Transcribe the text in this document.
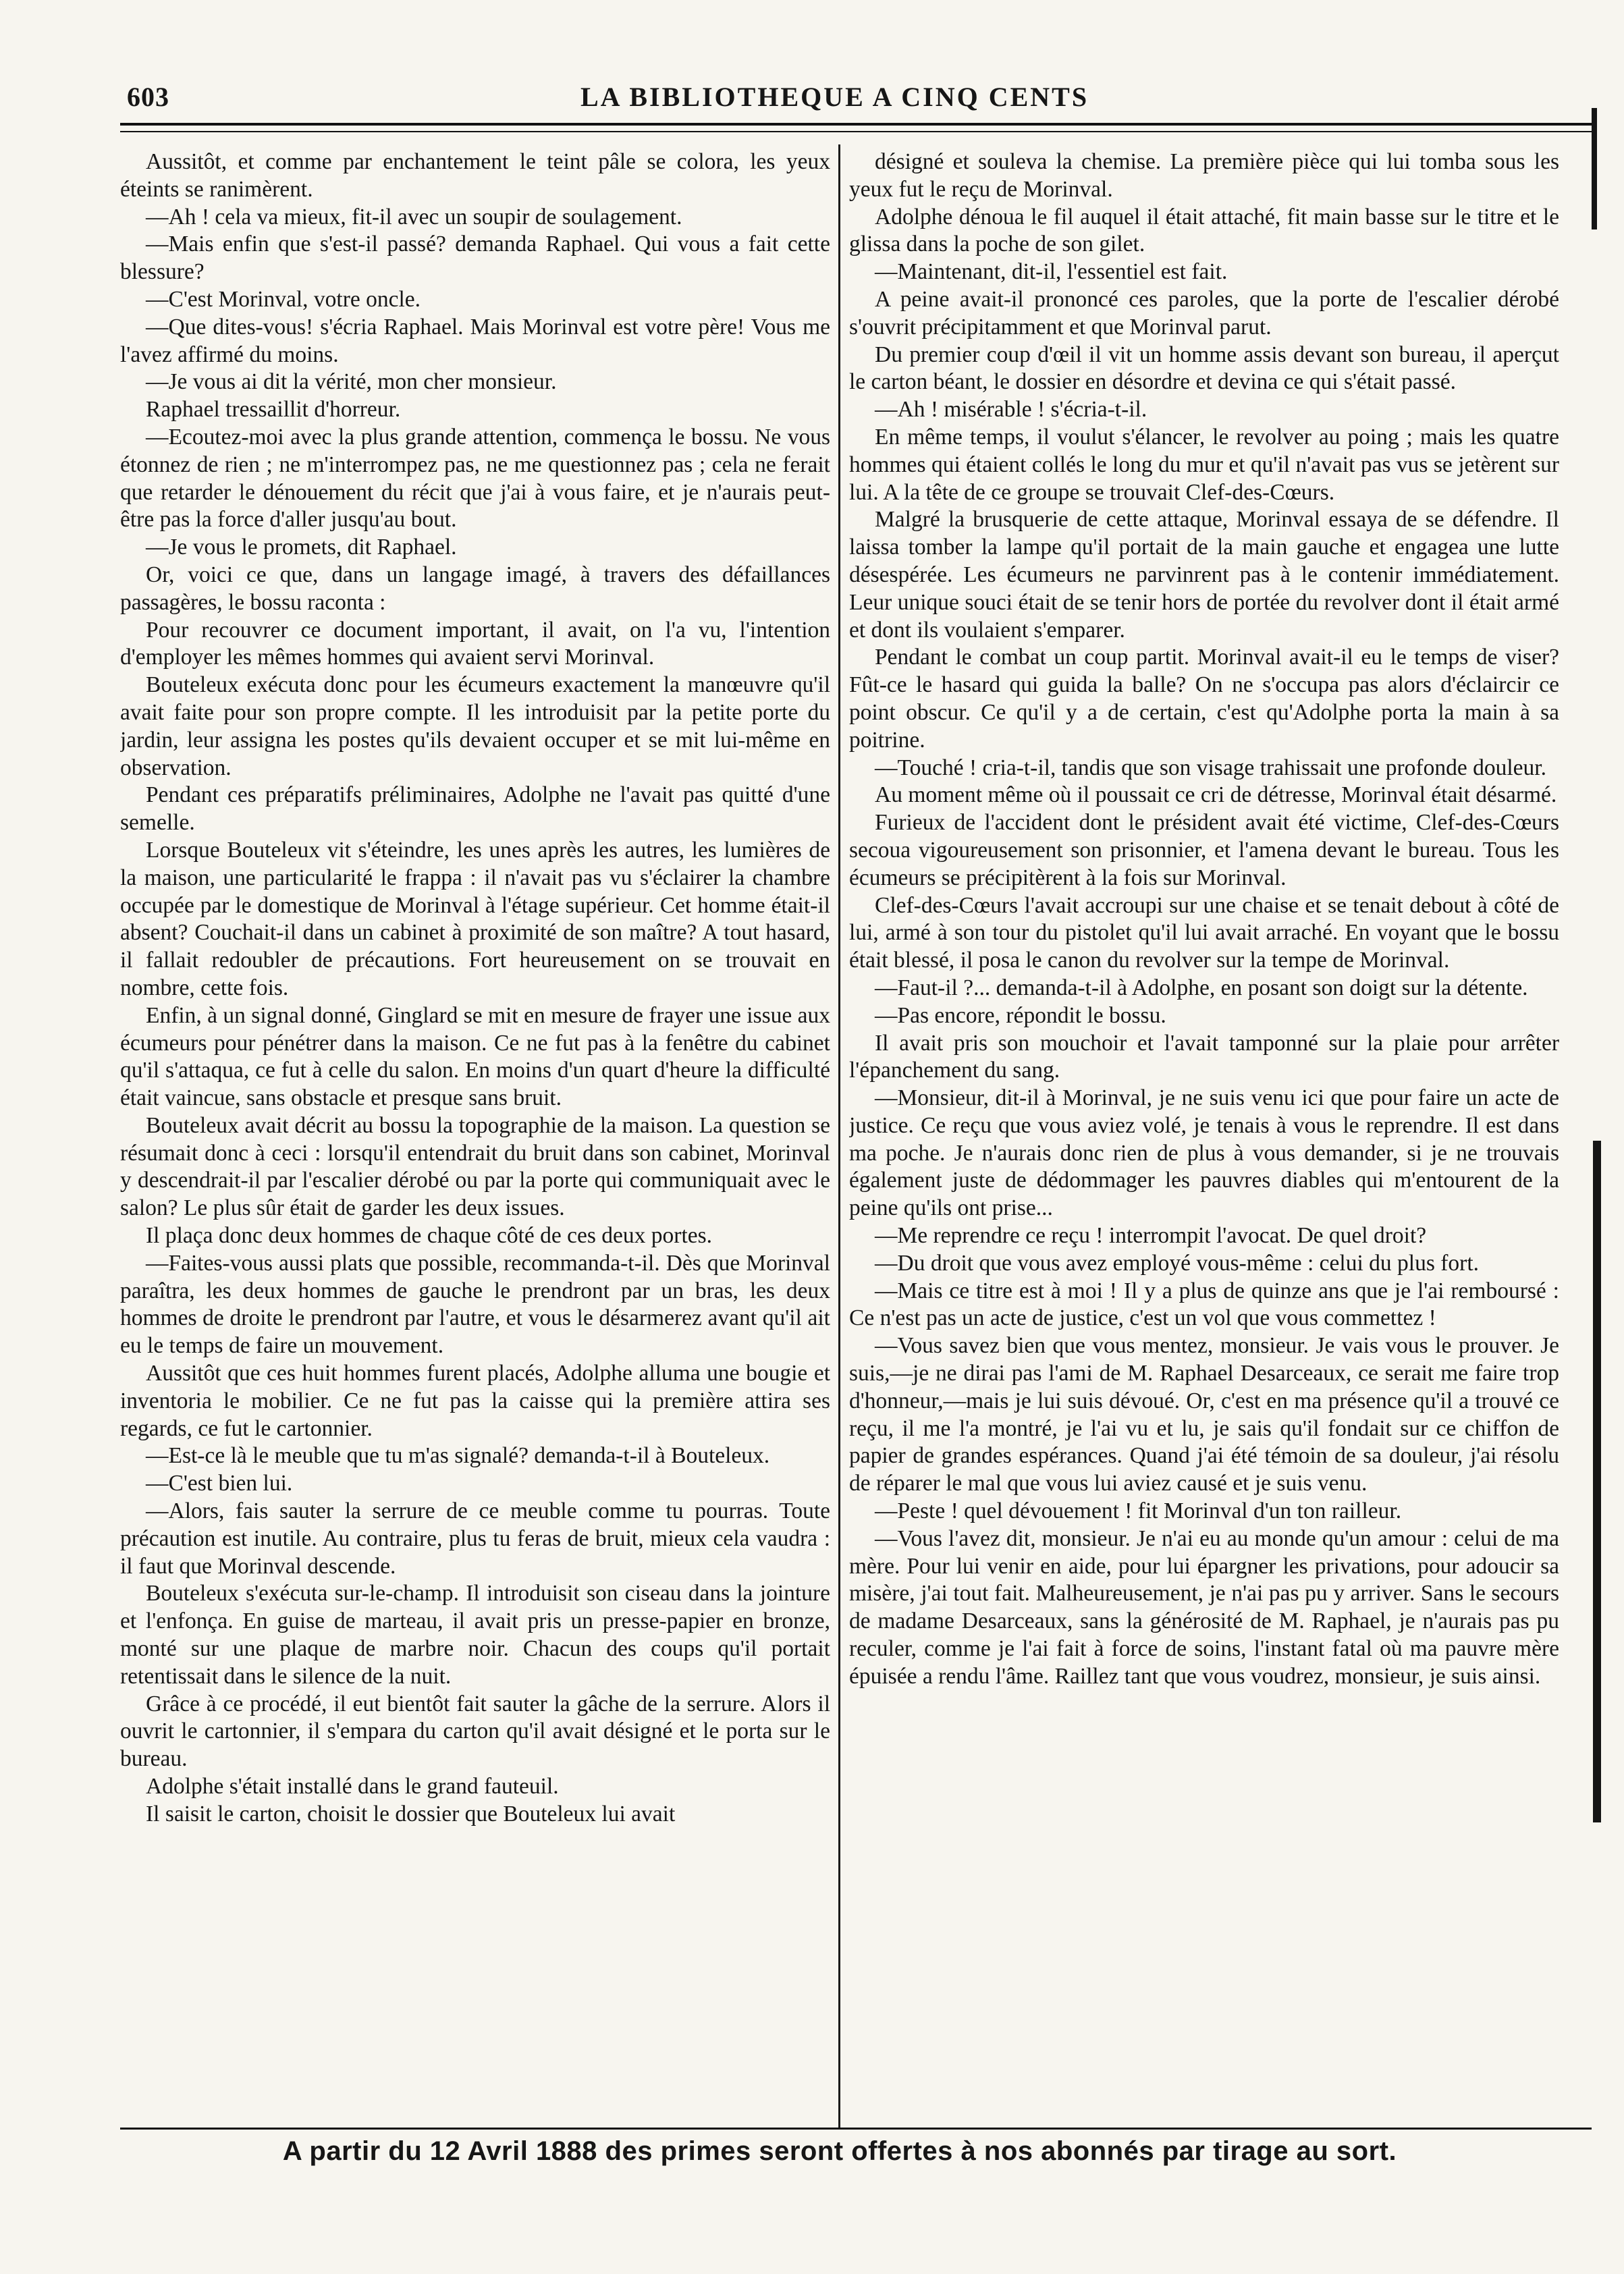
603	LA BIBLIOTHEQUE A CINQ CENTS

Aussitôt, et comme par enchantement le teint pâle se colora, les yeux éteints se ranimèrent.

—Ah ! cela va mieux, fit-il avec un soupir de soulagement.

—Mais enfin que s'est-il passé? demanda Raphael. Qui vous a fait cette blessure?

—C'est Morinval, votre oncle.

—Que dites-vous! s'écria Raphael. Mais Morinval est votre père! Vous me l'avez affirmé du moins.

—Je vous ai dit la vérité, mon cher monsieur.

Raphael tressaillit d'horreur.

—Ecoutez-moi avec la plus grande attention, commença le bossu. Ne vous étonnez de rien ; ne m'interrompez pas, ne me questionnez pas ; cela ne ferait que retarder le dénouement du récit que j'ai à vous faire, et je n'aurais peut-être pas la force d'aller jusqu'au bout.

—Je vous le promets, dit Raphael.

Or, voici ce que, dans un langage imagé, à travers des défaillances passagères, le bossu raconta :

Pour recouvrer ce document important, il avait, on l'a vu, l'intention d'employer les mêmes hommes qui avaient servi Morinval.

Bouteleux exécuta donc pour les écumeurs exactement la manœuvre qu'il avait faite pour son propre compte. Il les introduisit par la petite porte du jardin, leur assigna les postes qu'ils devaient occuper et se mit lui-même en observation.

Pendant ces préparatifs préliminaires, Adolphe ne l'avait pas quitté d'une semelle.

Lorsque Bouteleux vit s'éteindre, les unes après les autres, les lumières de la maison, une particularité le frappa : il n'avait pas vu s'éclairer la chambre occupée par le domestique de Morinval à l'étage supérieur. Cet homme était-il absent? Couchait-il dans un cabinet à proximité de son maître? A tout hasard, il fallait redoubler de précautions. Fort heureusement on se trouvait en nombre, cette fois.

Enfin, à un signal donné, Ginglard se mit en mesure de frayer une issue aux écumeurs pour pénétrer dans la maison. Ce ne fut pas à la fenêtre du cabinet qu'il s'attaqua, ce fut à celle du salon. En moins d'un quart d'heure la difficulté était vaincue, sans obstacle et presque sans bruit.

Bouteleux avait décrit au bossu la topographie de la maison. La question se résumait donc à ceci : lorsqu'il entendrait du bruit dans son cabinet, Morinval y descendrait-il par l'escalier dérobé ou par la porte qui communiquait avec le salon? Le plus sûr était de garder les deux issues.

Il plaça donc deux hommes de chaque côté de ces deux portes.

—Faites-vous aussi plats que possible, recommanda-t-il. Dès que Morinval paraîtra, les deux hommes de gauche le prendront par un bras, les deux hommes de droite le prendront par l'autre, et vous le désarmerez avant qu'il ait eu le temps de faire un mouvement.

Aussitôt que ces huit hommes furent placés, Adolphe alluma une bougie et inventoria le mobilier. Ce ne fut pas la caisse qui la première attira ses regards, ce fut le cartonnier.

—Est-ce là le meuble que tu m'as signalé? demanda-t-il à Bouteleux.

—C'est bien lui.

—Alors, fais sauter la serrure de ce meuble comme tu pourras. Toute précaution est inutile. Au contraire, plus tu feras de bruit, mieux cela vaudra : il faut que Morinval descende.

Bouteleux s'exécuta sur-le-champ. Il introduisit son ciseau dans la jointure et l'enfonça. En guise de marteau, il avait pris un presse-papier en bronze, monté sur une plaque de marbre noir. Chacun des coups qu'il portait retentissait dans le silence de la nuit.

Grâce à ce procédé, il eut bientôt fait sauter la gâche de la serrure. Alors il ouvrit le cartonnier, il s'empara du carton qu'il avait désigné et le porta sur le bureau.

Adolphe s'était installé dans le grand fauteuil.

Il saisit le carton, choisit le dossier que Bouteleux lui avait

désigné et souleva la chemise. La première pièce qui lui tomba sous les yeux fut le reçu de Morinval.

Adolphe dénoua le fil auquel il était attaché, fit main basse sur le titre et le glissa dans la poche de son gilet.

—Maintenant, dit-il, l'essentiel est fait.

A peine avait-il prononcé ces paroles, que la porte de l'escalier dérobé s'ouvrit précipitamment et que Morinval parut.

Du premier coup d'œil il vit un homme assis devant son bureau, il aperçut le carton béant, le dossier en désordre et devina ce qui s'était passé.

—Ah ! misérable ! s'écria-t-il.

En même temps, il voulut s'élancer, le revolver au poing ; mais les quatre hommes qui étaient collés le long du mur et qu'il n'avait pas vus se jetèrent sur lui. A la tête de ce groupe se trouvait Clef-des-Cœurs.

Malgré la brusquerie de cette attaque, Morinval essaya de se défendre. Il laissa tomber la lampe qu'il portait de la main gauche et engagea une lutte désespérée. Les écumeurs ne parvinrent pas à le contenir immédiatement. Leur unique souci était de se tenir hors de portée du revolver dont il était armé et dont ils voulaient s'emparer.

Pendant le combat un coup partit. Morinval avait-il eu le temps de viser? Fût-ce le hasard qui guida la balle? On ne s'occupa pas alors d'éclaircir ce point obscur. Ce qu'il y a de certain, c'est qu'Adolphe porta la main à sa poitrine.

—Touché ! cria-t-il, tandis que son visage trahissait une profonde douleur.

Au moment même où il poussait ce cri de détresse, Morinval était désarmé.

Furieux de l'accident dont le président avait été victime, Clef-des-Cœurs secoua vigoureusement son prisonnier, et l'amena devant le bureau. Tous les écumeurs se précipitèrent à la fois sur Morinval.

Clef-des-Cœurs l'avait accroupi sur une chaise et se tenait debout à côté de lui, armé à son tour du pistolet qu'il lui avait arraché. En voyant que le bossu était blessé, il posa le canon du revolver sur la tempe de Morinval.

—Faut-il ?... demanda-t-il à Adolphe, en posant son doigt sur la détente.

—Pas encore, répondit le bossu.

Il avait pris son mouchoir et l'avait tamponné sur la plaie pour arrêter l'épanchement du sang.

—Monsieur, dit-il à Morinval, je ne suis venu ici que pour faire un acte de justice. Ce reçu que vous aviez volé, je tenais à vous le reprendre. Il est dans ma poche. Je n'aurais donc rien de plus à vous demander, si je ne trouvais également juste de dédommager les pauvres diables qui m'entourent de la peine qu'ils ont prise...

—Me reprendre ce reçu ! interrompit l'avocat. De quel droit?

—Du droit que vous avez employé vous-même : celui du plus fort.

—Mais ce titre est à moi ! Il y a plus de quinze ans que je l'ai remboursé : Ce n'est pas un acte de justice, c'est un vol que vous commettez !

—Vous savez bien que vous mentez, monsieur. Je vais vous le prouver. Je suis,—je ne dirai pas l'ami de M. Raphael Desarceaux, ce serait me faire trop d'honneur,—mais je lui suis dévoué. Or, c'est en ma présence qu'il a trouvé ce reçu, il me l'a montré, je l'ai vu et lu, je sais qu'il fondait sur ce chiffon de papier de grandes espérances. Quand j'ai été témoin de sa douleur, j'ai résolu de réparer le mal que vous lui aviez causé et je suis venu.

—Peste ! quel dévouement ! fit Morinval d'un ton railleur.

—Vous l'avez dit, monsieur. Je n'ai eu au monde qu'un amour : celui de ma mère. Pour lui venir en aide, pour lui épargner les privations, pour adoucir sa misère, j'ai tout fait. Malheureusement, je n'ai pas pu y arriver. Sans le secours de madame Desarceaux, sans la générosité de M. Raphael, je n'aurais pas pu reculer, comme je l'ai fait à force de soins, l'instant fatal où ma pauvre mère épuisée a rendu l'âme. Raillez tant que vous voudrez, monsieur, je suis ainsi.

A partir du 12 Avril 1888 des primes seront offertes à nos abonnés par tirage au sort.
